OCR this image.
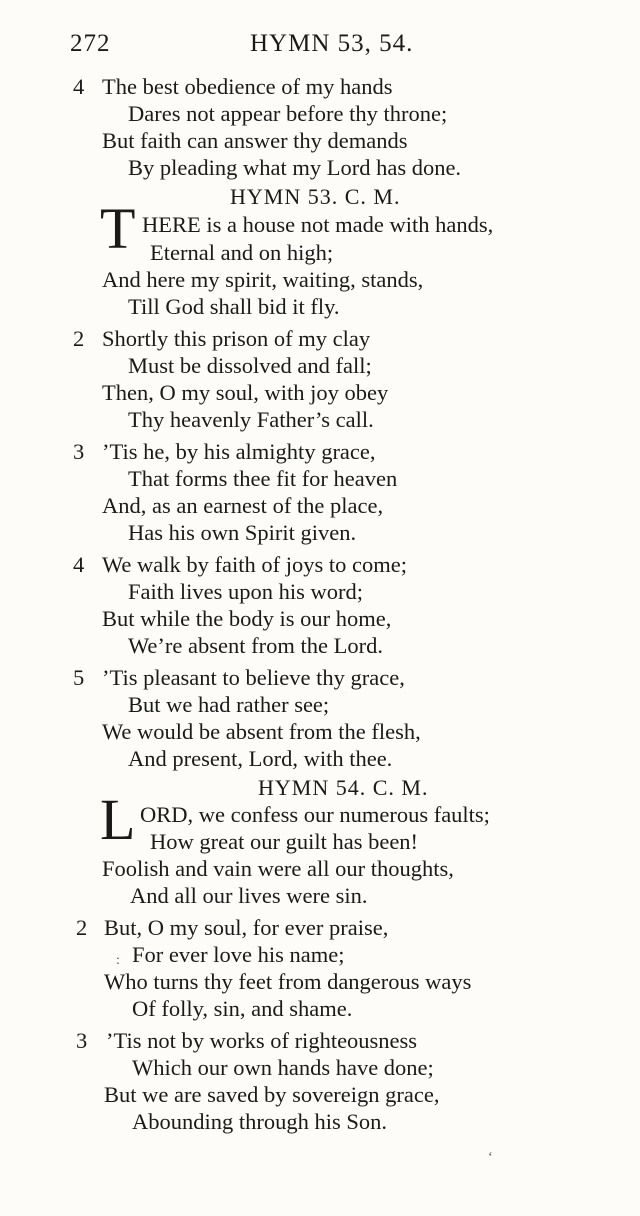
272	HYMN 53, 54.
4 The best obedience of my hands
Dares not appear before thy throne;
But faith can answer thy demands
By pleading what my Lord has done.
HYMN 53. C. M.
T HERE is a house not made with hands,
Eternal and on high;
And here my spirit, waiting, stands,
Till God shall bid it fly.
2 Shortly this prison of my clay
Must be dissolved and fall;
Then, O my soul, with joy obey
Thy heavenly Father’s call.
3 ’Tis he, by his almighty grace,
That forms thee fit for heaven
And, as an earnest of the place,
Has his own Spirit given.
4 We walk by faith of joys to come;
Faith lives upon his word;
But while the body is our home,
We’re absent from the Lord.
5 ’Tis pleasant to believe thy grace,
But we had rather see;
We would be absent from the flesh,
And present, Lord, with thee.
HYMN 54. C. M.
L ORD, we confess our numerous faults;
How great our guilt has been!
Foolish and vain were all our thoughts,
And all our lives were sin.
2 But, O my soul, for ever praise,
: For ever love his name;
Who turns thy feet from dangerous ways
Of folly, sin, and shame.
3 ’Tis not by works of righteousness
Which our own hands have done;
But we are saved by sovereign grace,
Abounding through his Son.
‘
